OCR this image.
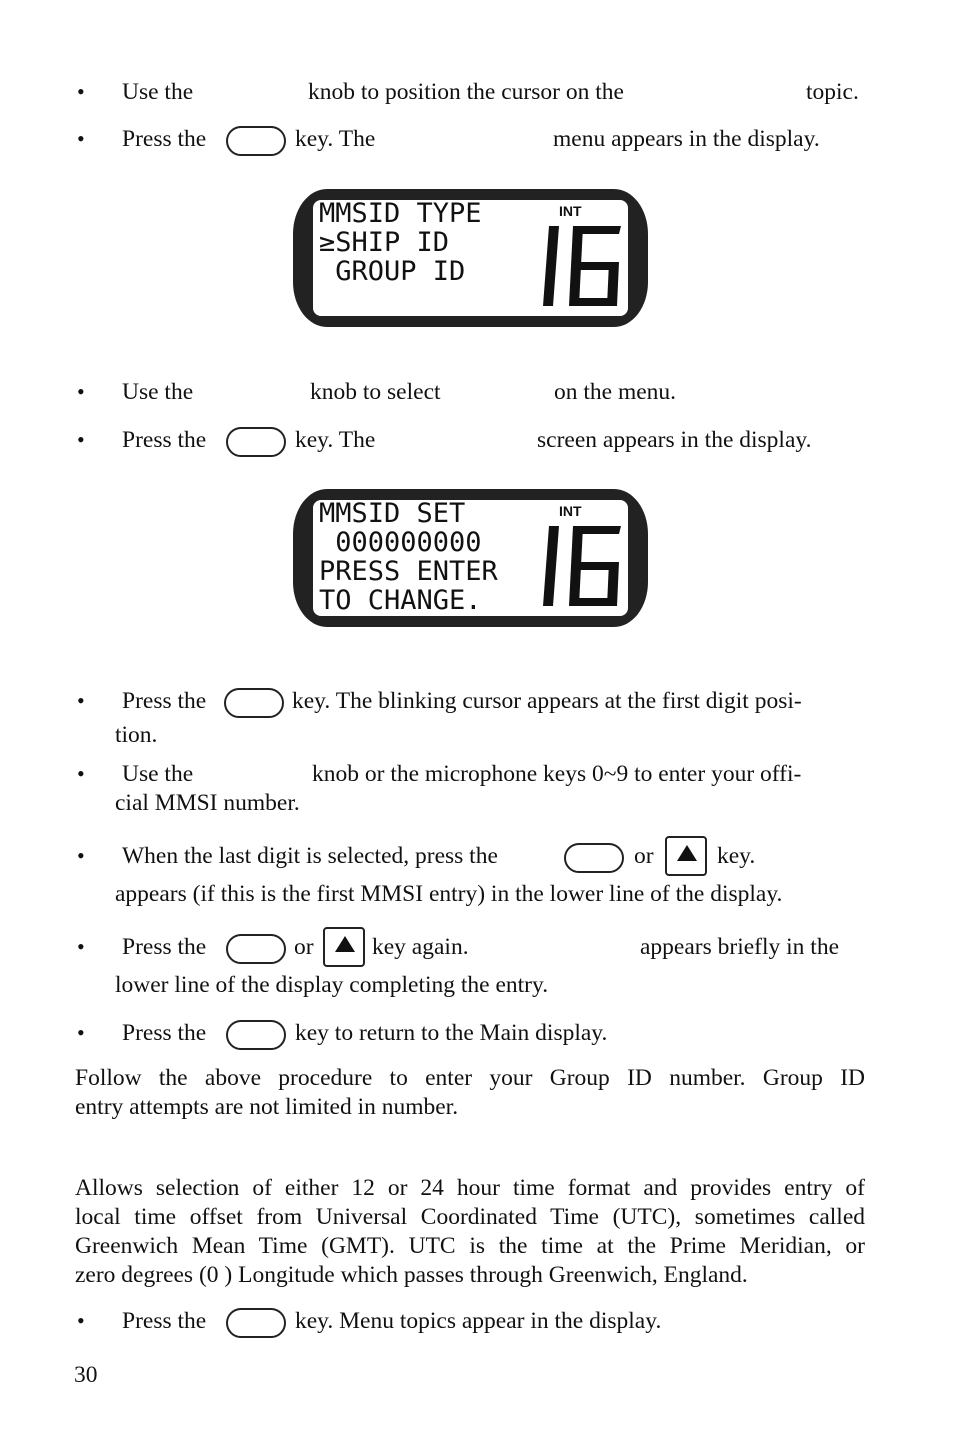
• Use the	knob to position the cursor on the	topic.
• Press the	key. The	menu appears in the display.
MMSID TYPE
≥SHIP ID
GROUP ID
INT
• Use the	knob to select	on the menu.
• Press the	key. The	screen appears in the display.
MMSID SET
000000000
PRESS ENTER
TO CHANGE.
INT
• Press the	key. The blinking cursor appears at the first digit posi-
tion.
• Use the	knob or the microphone keys 0~9 to enter your offi-
cial MMSI number.
• When the last digit is selected, press the	or	key.
appears (if this is the first MMSI entry) in the lower line of the display.
• Press the	or key again.	appears briefly in the
lower line of the display completing the entry.
• Press the	key to return to the Main display.
Follow the above procedure to enter your Group ID number. Group ID
entry attempts are not limited in number.
Allows selection of either 12 or 24 hour time format and provides entry of
local time offset from Universal Coordinated Time (UTC), sometimes called
Greenwich Mean Time (GMT). UTC is the time at the Prime Meridian, or
zero degrees (0 ) Longitude which passes through Greenwich, England.
• Press the	key. Menu topics appear in the display.
30
